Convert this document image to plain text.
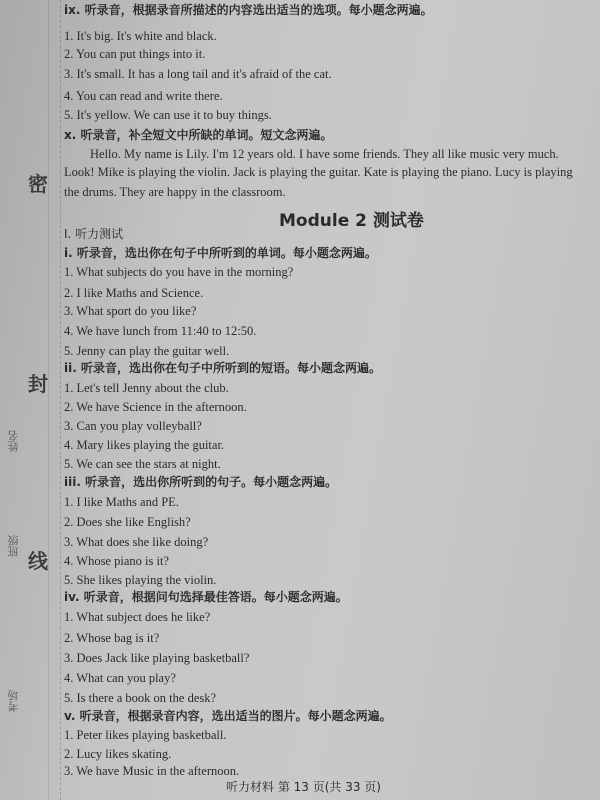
密
封
线
考场
班级
姓名
ix. 听录音，根据录音所描述的内容选出适当的选项。每小题念两遍。
1. It's big. It's white and black.
2. You can put things into it.
3. It's small. It has a long tail and it's afraid of the cat.
4. You can read and write there.
5. It's yellow. We can use it to buy things.
x. 听录音，补全短文中所缺的单词。短文念两遍。
Hello. My name is Lily. I'm 12 years old. I have some friends. They all like music very much.
Look! Mike is playing the violin. Jack is playing the guitar. Kate is playing the piano. Lucy is playing
the drums. They are happy in the classroom.
Module 2 测试卷
Ⅰ. 听力测试
i. 听录音，选出你在句子中所听到的单词。每小题念两遍。
1. What subjects do you have in the morning?
2. I like Maths and Science.
3. What sport do you like?
4. We have lunch from 11:40 to 12:50.
5. Jenny can play the guitar well.
ii. 听录音，选出你在句子中所听到的短语。每小题念两遍。
1. Let's tell Jenny about the club.
2. We have Science in the afternoon.
3. Can you play volleyball?
4. Mary likes playing the guitar.
5. We can see the stars at night.
iii. 听录音，选出你所听到的句子。每小题念两遍。
1. I like Maths and PE.
2. Does she like English?
3. What does she like doing?
4. Whose piano is it?
5. She likes playing the violin.
iv. 听录音，根据问句选择最佳答语。每小题念两遍。
1. What subject does he like?
2. Whose bag is it?
3. Does Jack like playing basketball?
4. What can you play?
5. Is there a book on the desk?
v. 听录音，根据录音内容，选出适当的图片。每小题念两遍。
1. Peter likes playing basketball.
2. Lucy likes skating.
3. We have Music in the afternoon.
听力材料 第 13 页(共 33 页)
